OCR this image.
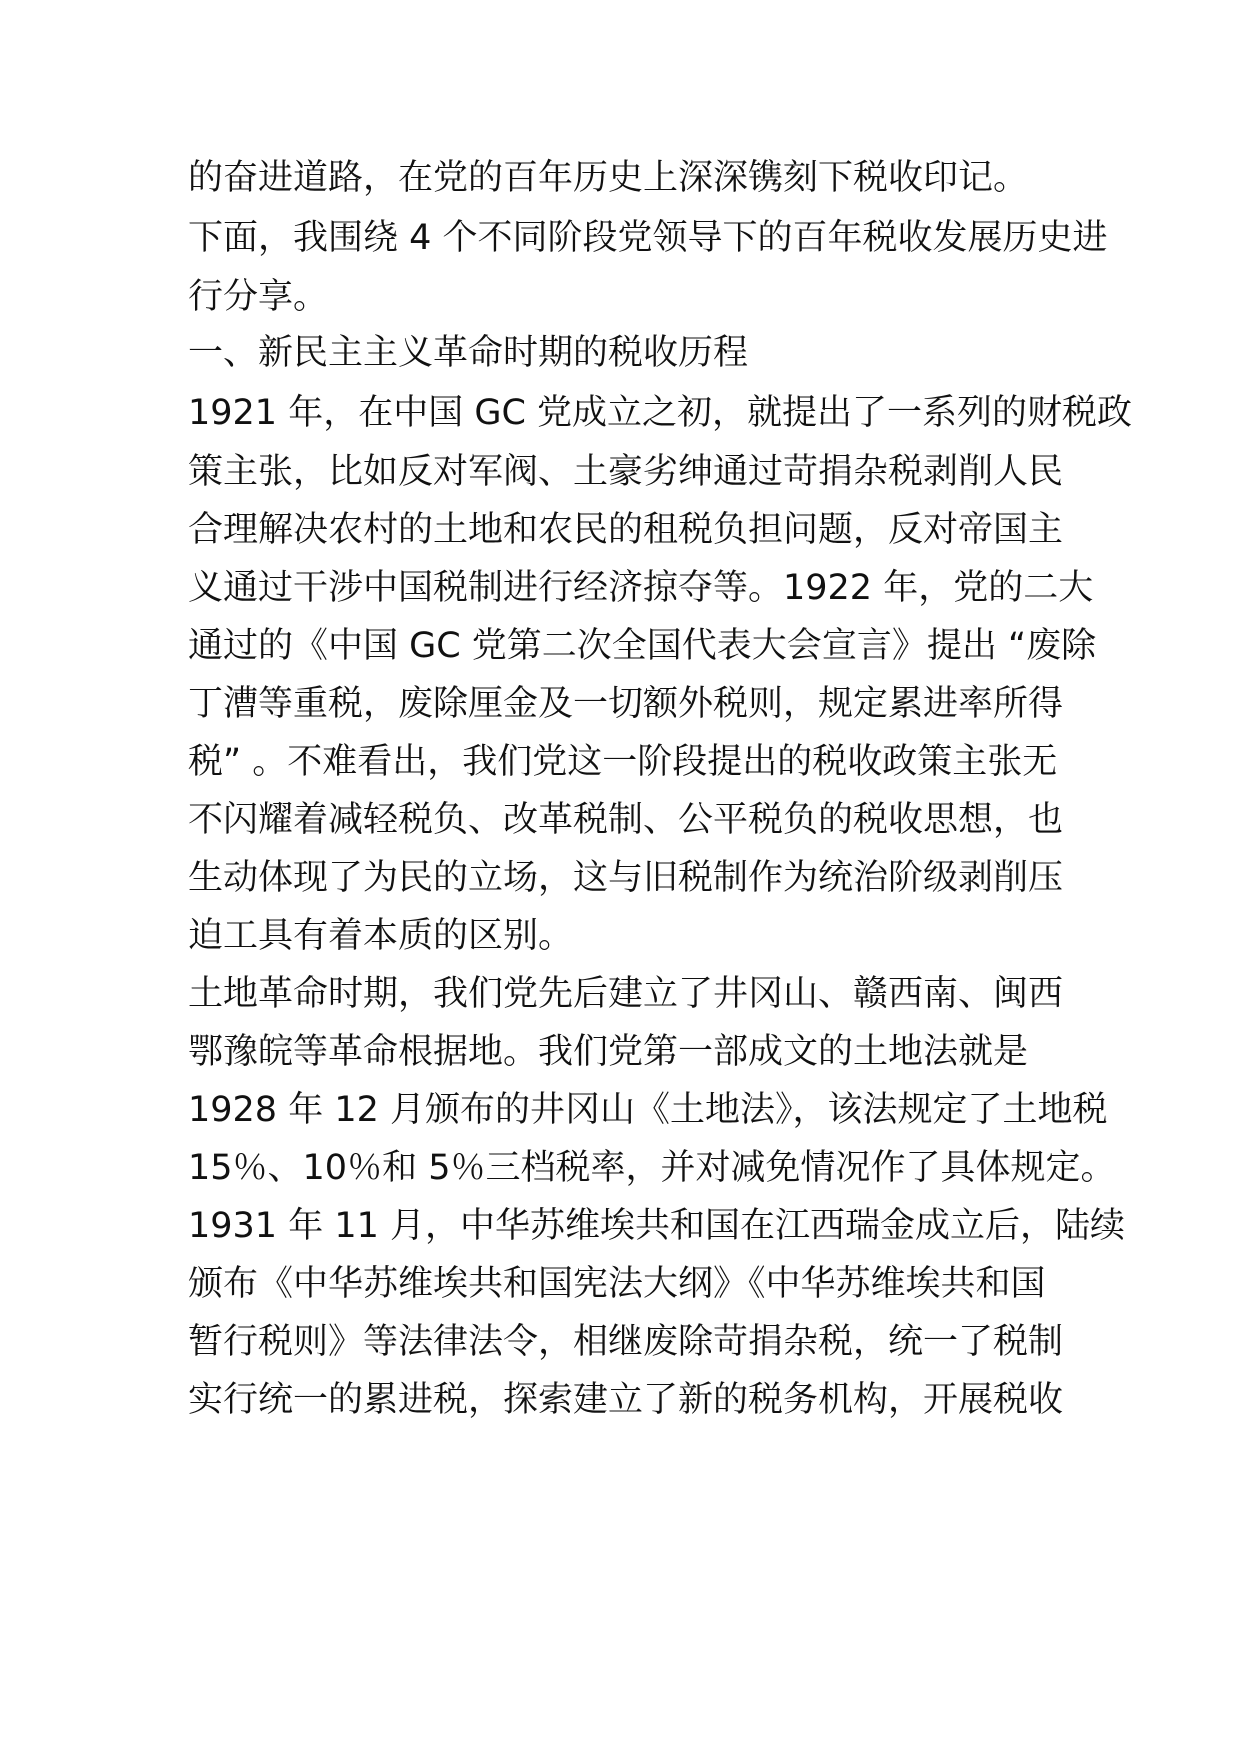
的奋进道路，在党的百年历史上深深镌刻下税收印记。
下面，我围绕 4 个不同阶段党领导下的百年税收发展历史进
行分享。
一、新民主主义革命时期的税收历程
1921 年，在中国 GC 党成立之初，就提出了一系列的财税政
策主张，比如反对军阀、土豪劣绅通过苛捐杂税剥削人民
合理解决农村的土地和农民的租税负担问题，反对帝国主
义通过干涉中国税制进行经济掠夺等。1922 年，党的二大
通过的《中国 GC 党第二次全国代表大会宣言》提出 “废除
丁漕等重税，废除厘金及一切额外税则，规定累进率所得
税” 。不难看出，我们党这一阶段提出的税收政策主张无
不闪耀着减轻税负、改革税制、公平税负的税收思想，也
生动体现了为民的立场，这与旧税制作为统治阶级剥削压
迫工具有着本质的区别。
土地革命时期，我们党先后建立了井冈山、赣西南、闽西
鄂豫皖等革命根据地。我们党第一部成文的土地法就是
1928 年 12 月颁布的井冈山《土地法》，该法规定了土地税
15％、10％和 5％三档税率，并对减免情况作了具体规定。
1931 年 11 月，中华苏维埃共和国在江西瑞金成立后，陆续
颁布《中华苏维埃共和国宪法大纲》《中华苏维埃共和国
暂行税则》等法律法令，相继废除苛捐杂税，统一了税制
实行统一的累进税，探索建立了新的税务机构，开展税收
